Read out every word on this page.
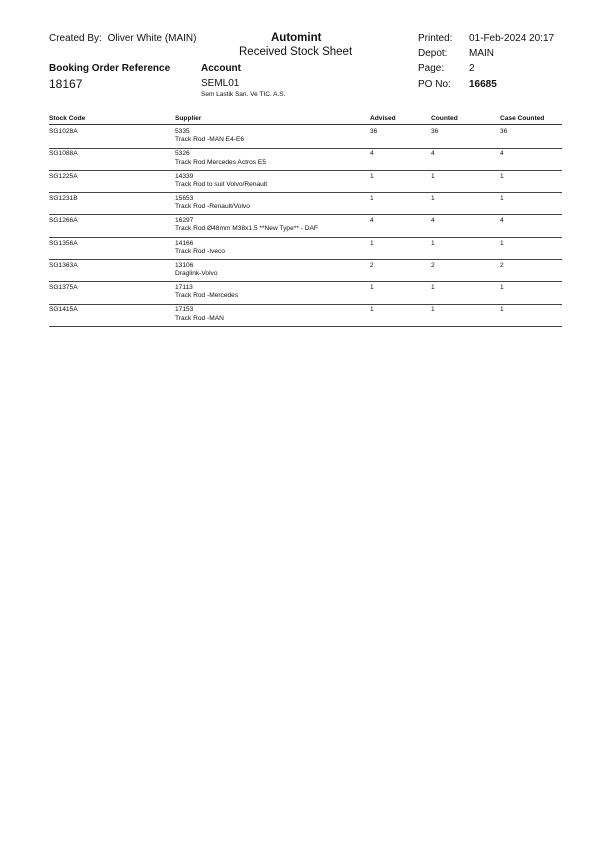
Created By: Oliver White (MAIN)	Automint
Received Stock Sheet
Printed: 01-Feb-2024 20:17
Depot: MAIN
Page: 2
PO No: 16685
Booking Order Reference
18167
Account
SEML01
Sem Lastik San. Ve TIC. A.S.
Stock Code	Supplier	Advised	Counted	Case Counted
SG1028A	5335
Track Rod -MAN E4-E6
36	36	36
SG1088A	5326
Track Rod Mercedes Actros E5
4	4	4
SG1225A	14339
Track Rod to suit Volvo/Renault
1	1	1
SG1231B	15653
Track Rod -Renault/Volvo
1	1	1
SG1266A	16297
Track Rod Ø48mm M38x1.5 **New Type** - DAF
4	4	4
SG1356A	14166
Track Rod -Iveco
1	1	1
SG1363A	13106
Draglink-Volvo
2	2	2
SG1375A	17113
Track Rod -Mercedes
1	1	1
SG1415A	17153
Track Rod -MAN
1	1	1
